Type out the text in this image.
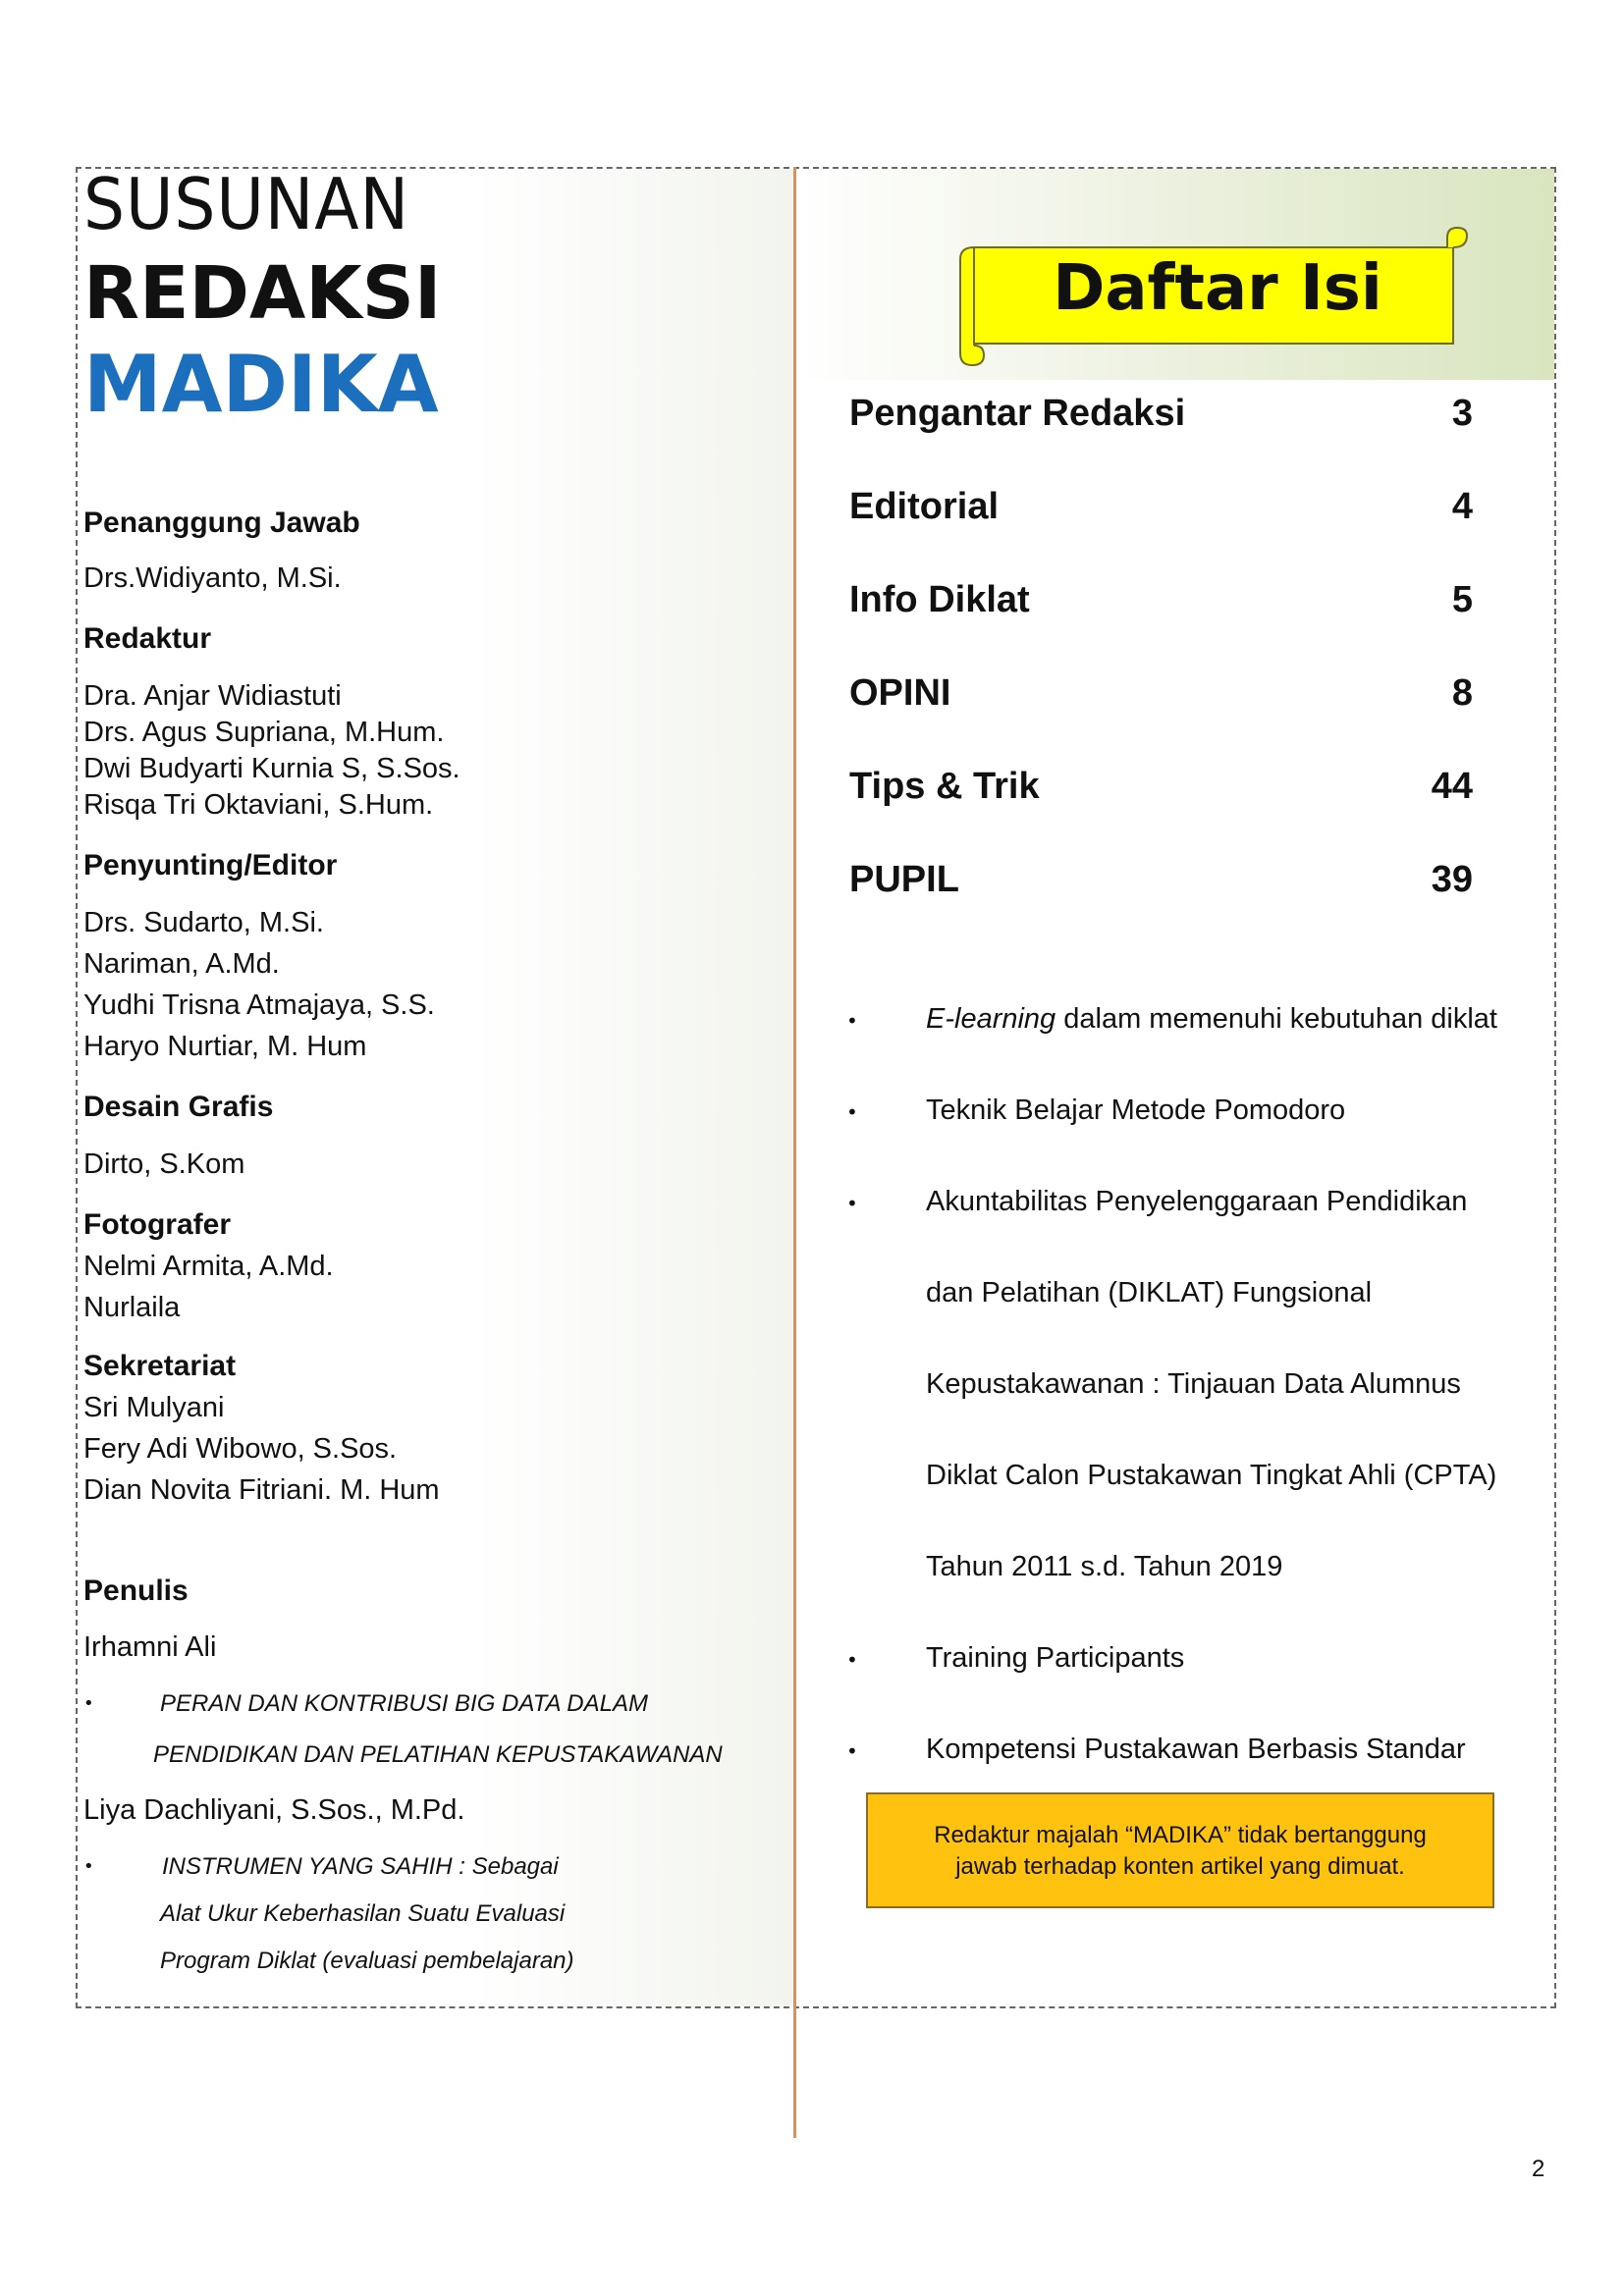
SUSUNAN
REDAKSI
MADIKA
Penanggung Jawab
Drs.Widiyanto, M.Si.
Redaktur
Dra. Anjar Widiastuti
Drs. Agus Supriana, M.Hum.
Dwi Budyarti Kurnia S, S.Sos.
Risqa Tri Oktaviani, S.Hum.
Penyunting/Editor
Drs. Sudarto, M.Si.
Nariman, A.Md.
Yudhi Trisna Atmajaya, S.S.
Haryo Nurtiar, M. Hum
Desain Grafis
Dirto, S.Kom
Fotografer
Nelmi Armita, A.Md.
Nurlaila
Sekretariat
Sri Mulyani
Fery Adi Wibowo, S.Sos.
Dian Novita Fitriani. M. Hum
Penulis
Irhamni Ali
•	PERAN DAN KONTRIBUSI BIG DATA DALAM
PENDIDIKAN DAN PELATIHAN KEPUSTAKAWANAN
Liya Dachliyani, S.Sos., M.Pd.
•	INSTRUMEN YANG SAHIH : Sebagai
Alat Ukur Keberhasilan Suatu Evaluasi
Program Diklat (evaluasi pembelajaran)
Daftar Isi
Pengantar Redaksi	3
Editorial	4
Info Diklat	5
OPINI	8
Tips & Trik	44
PUPIL	39
• E-learning dalam memenuhi kebutuhan diklat
• Teknik Belajar Metode Pomodoro
• Akuntabilitas Penyelenggaraan Pendidikan
dan Pelatihan (DIKLAT) Fungsional
Kepustakawanan : Tinjauan Data Alumnus
Diklat Calon Pustakawan Tingkat Ahli (CPTA)
Tahun 2011 s.d. Tahun 2019
• Training Participants
• Kompetensi Pustakawan Berbasis Standar
Redaktur majalah “MADIKA” tidak bertanggung
jawab terhadap konten artikel yang dimuat.
2
